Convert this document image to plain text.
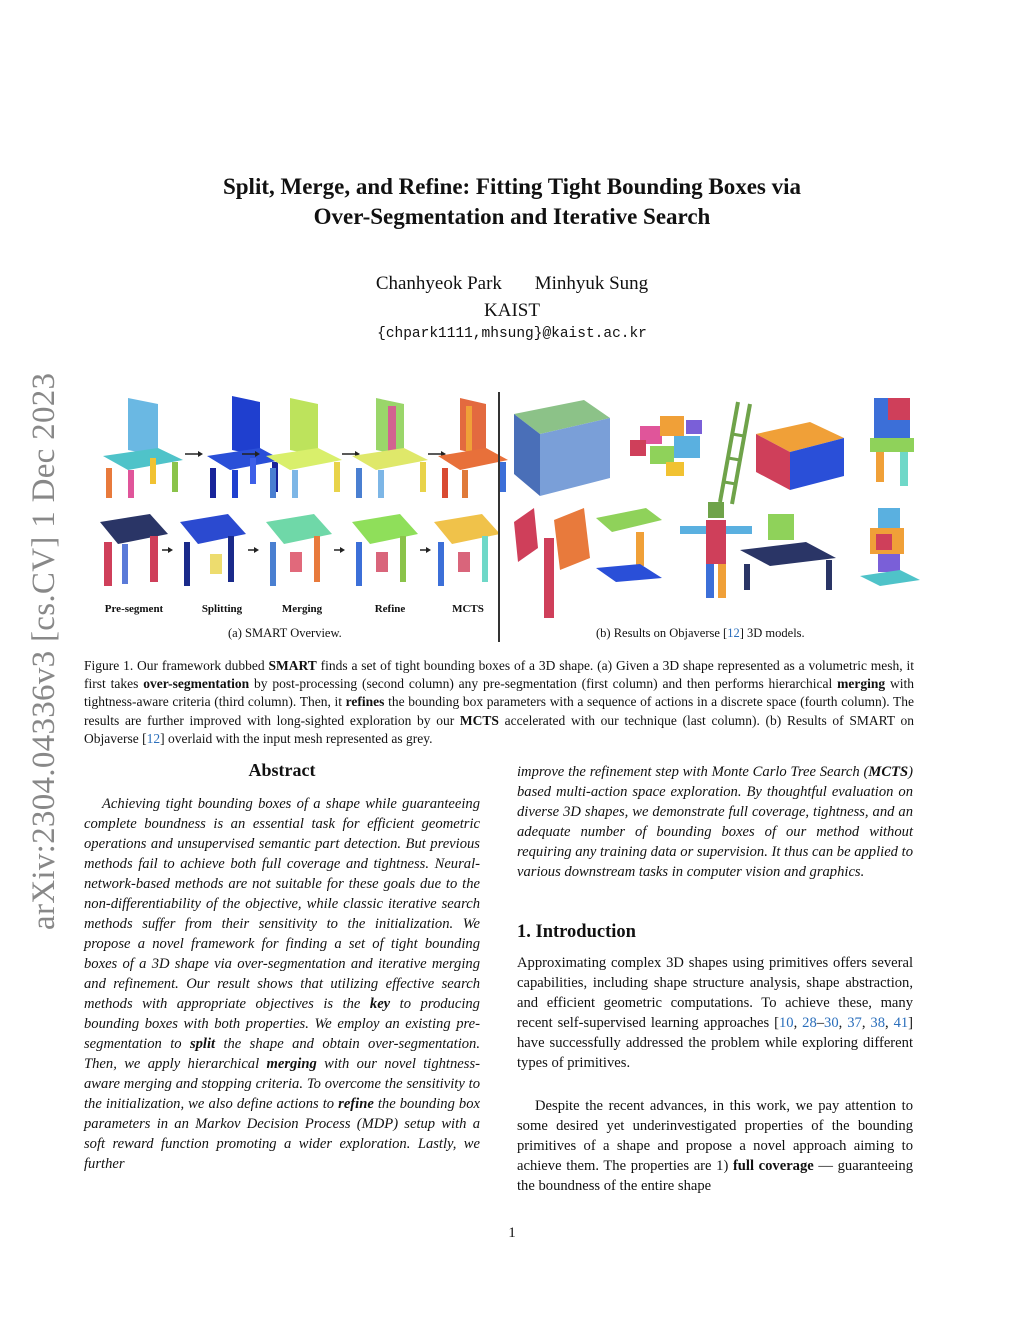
arXiv:2304.04336v3 [cs.CV] 1 Dec 2023
Split, Merge, and Refine: Fitting Tight Bounding Boxes via
Over-Segmentation and Iterative Search
Chanhyeok Park Minhyuk Sung
KAIST
{chpark1111,mhsung}@kaist.ac.kr
Pre-segment	Splitting	Merging	Refine	MCTS
(a) SMART Overview.	(b) Results on Objaverse [12] 3D models.

Figure 1. Our framework dubbed SMART finds a set of tight bounding boxes of a 3D shape. (a) Given a 3D shape represented as a volumetric mesh, it first takes over-segmentation by post-processing (second column) any pre-segmentation (first column) and then performs hierarchical merging with tightness-aware criteria (third column). Then, it refines the bounding box parameters with a sequence of actions in a discrete space (fourth column). The results are further improved with long-sighted exploration by our MCTS accelerated with our technique (last column). (b) Results of SMART on Objaverse [12] overlaid with the input mesh represented as grey.

Abstract
Achieving tight bounding boxes of a shape while guaranteeing complete boundness is an essential task for efficient geometric operations and unsupervised semantic part detection. But previous methods fail to achieve both full coverage and tightness. Neural-network-based methods are not suitable for these goals due to the non-differentiability of the objective, while classic iterative search methods suffer from their sensitivity to the initialization. We propose a novel framework for finding a set of tight bounding boxes of a 3D shape via over-segmentation and iterative merging and refinement. Our result shows that utilizing effective search methods with appropriate objectives is the key to producing bounding boxes with both properties. We employ an existing pre-segmentation to split the shape and obtain over-segmentation. Then, we apply hierarchical merging with our novel tightness-aware merging and stopping criteria. To overcome the sensitivity to the initialization, we also define actions to refine the bounding box parameters in an Markov Decision Process (MDP) setup with a soft reward function promoting a wider exploration. Lastly, we further
improve the refinement step with Monte Carlo Tree Search (MCTS) based multi-action space exploration. By thoughtful evaluation on diverse 3D shapes, we demonstrate full coverage, tightness, and an adequate number of bounding boxes of our method without requiring any training data or supervision. It thus can be applied to various downstream tasks in computer vision and graphics.
1. Introduction
Approximating complex 3D shapes using primitives offers several capabilities, including shape structure analysis, shape abstraction, and efficient geometric computations. To achieve these, many recent self-supervised learning approaches [10, 28–30, 37, 38, 41] have successfully addressed the problem while exploring different types of primitives.
Despite the recent advances, in this work, we pay attention to some desired yet underinvestigated properties of the bounding primitives of a shape and propose a novel approach aiming to achieve them. The properties are 1) full coverage — guaranteeing the boundness of the entire shape
1
